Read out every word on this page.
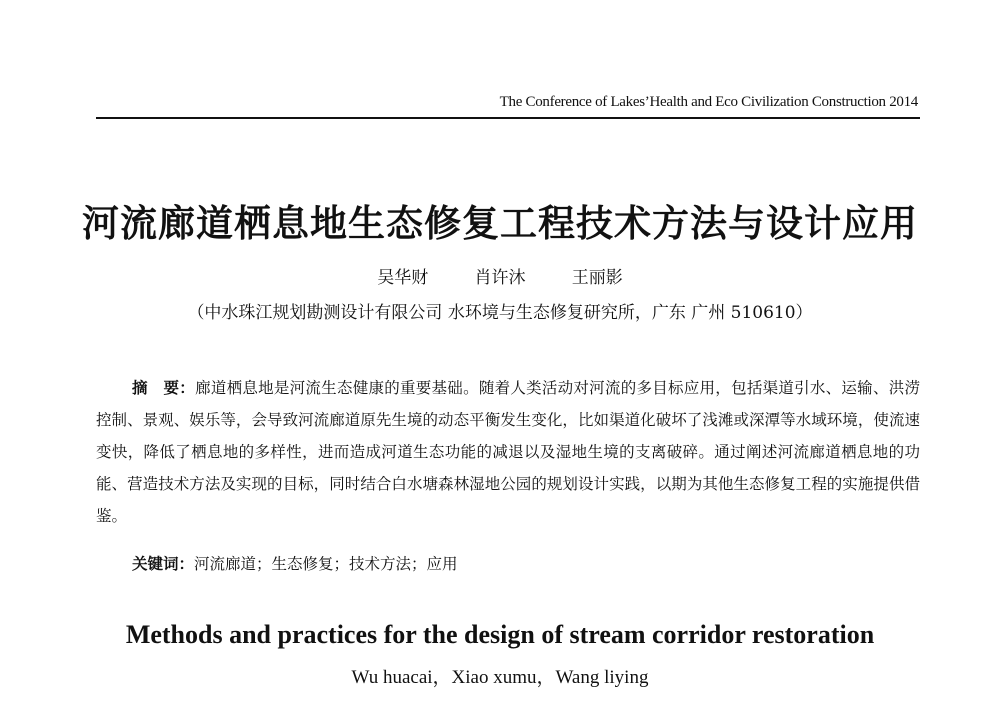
The Conference of Lakes’Health and Eco Civilization Construction 2014
河流廊道栖息地生态修复工程技术方法与设计应用
吴华财   肖许沐   王丽影
（中水珠江规划勘测设计有限公司 水环境与生态修复研究所，广东 广州 510610）
摘　要：廊道栖息地是河流生态健康的重要基础。随着人类活动对河流的多目标应用，包括渠道引水、运输、洪涝控制、景观、娱乐等，会导致河流廊道原先生境的动态平衡发生变化，比如渠道化破坏了浅滩或深潭等水域环境，使流速变快，降低了栖息地的多样性，进而造成河道生态功能的减退以及湿地生境的支离破碎。通过阐述河流廊道栖息地的功能、营造技术方法及实现的目标，同时结合白水塘森林湿地公园的规划设计实践，以期为其他生态修复工程的实施提供借鉴。
关键词：河流廊道；生态修复；技术方法；应用
Methods and practices for the design of stream corridor restoration
Wu huacai，Xiao xumu，Wang liying
